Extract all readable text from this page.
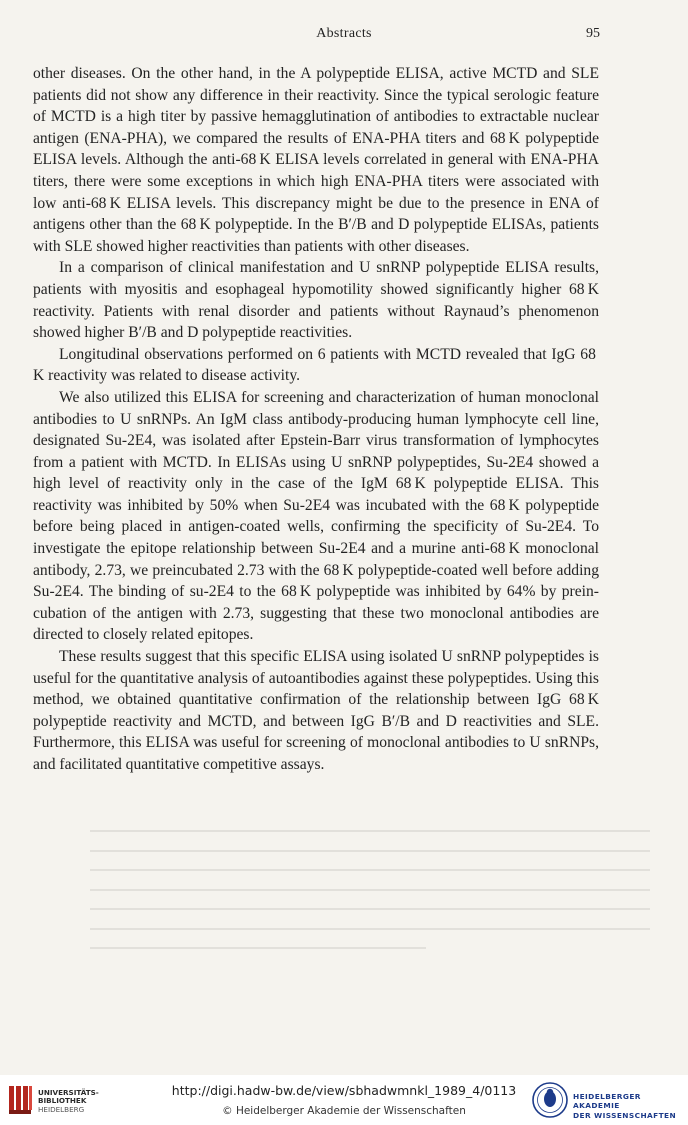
Abstracts	95

other diseases. On the other hand, in the A polypeptide ELISA, active MCTD and SLE patients did not show any difference in their reactivity. Since the typical serologic feature of MCTD is a high titer by passive hemagglutination of antibodies to extractable nuclear antigen (ENA-PHA), we compared the results of ENA-PHA titers and 68 K polypeptide ELISA levels. Although the anti-68 K ELISA levels correlated in general with ENA-PHA titers, there were some exceptions in which high ENA-PHA titers were associated with low anti-68 K ELISA levels. This discrepancy might be due to the presence in ENA of antigens other than the 68 K polypeptide. In the B′/B and D polypeptide ELISAs, patients with SLE showed higher reactivities than patients with other diseases.

In a comparison of clinical manifestation and U snRNP polypeptide ELISA results, patients with myositis and esophageal hypomotility showed significantly higher 68 K reactivity. Patients with renal disorder and patients without Raynaud’s phenomenon showed higher B′/B and D polypeptide reactivities.

Longitudinal observations performed on 6 patients with MCTD revealed that IgG 68 K reactivity was related to disease activity.

We also utilized this ELISA for screening and characterization of human monoclonal antibodies to U snRNPs. An IgM class antibody-producing human lymphocyte cell line, designated Su-2E4, was isolated after Epstein-Barr virus transformation of lymphocytes from a patient with MCTD. In ELISAs using U snRNP polypeptides, Su-2E4 showed a high level of reactivity only in the case of the IgM 68 K polypeptide ELISA. This reactivity was inhibited by 50% when Su-2E4 was incubated with the 68 K polypeptide before being placed in antigen-coated wells, confirming the specificity of Su-2E4. To investigate the epitope relationship between Su-2E4 and a murine anti-68 K monoclonal antibody, 2.73, we preincubated 2.73 with the 68 K polypeptide-coated well before adding Su-2E4. The binding of su-2E4 to the 68 K polypeptide was inhibited by 64% by preincubation of the antigen with 2.73, suggesting that these two monoclonal antibodies are directed to closely related epitopes.

These results suggest that this specific ELISA using isolated U snRNP polypeptides is useful for the quantitative analysis of autoantibodies against these polypeptides. Using this method, we obtained quantitative confirmation of the relationship between IgG 68 K polypeptide reactivity and MCTD, and between IgG B′/B and D reactivities and SLE. Furthermore, this ELISA was useful for screening of monoclonal antibodies to U snRNPs, and facilitated quantitative competitive assays.

UNIVERSITÄTS-
BIBLIOTHEK
HEIDELBERG
http://digi.hadw-bw.de/view/sbhadwmnkl_1989_4/0113
© Heidelberger Akademie der Wissenschaften
HEIDELBERGER AKADEMIE
DER WISSENSCHAFTEN
